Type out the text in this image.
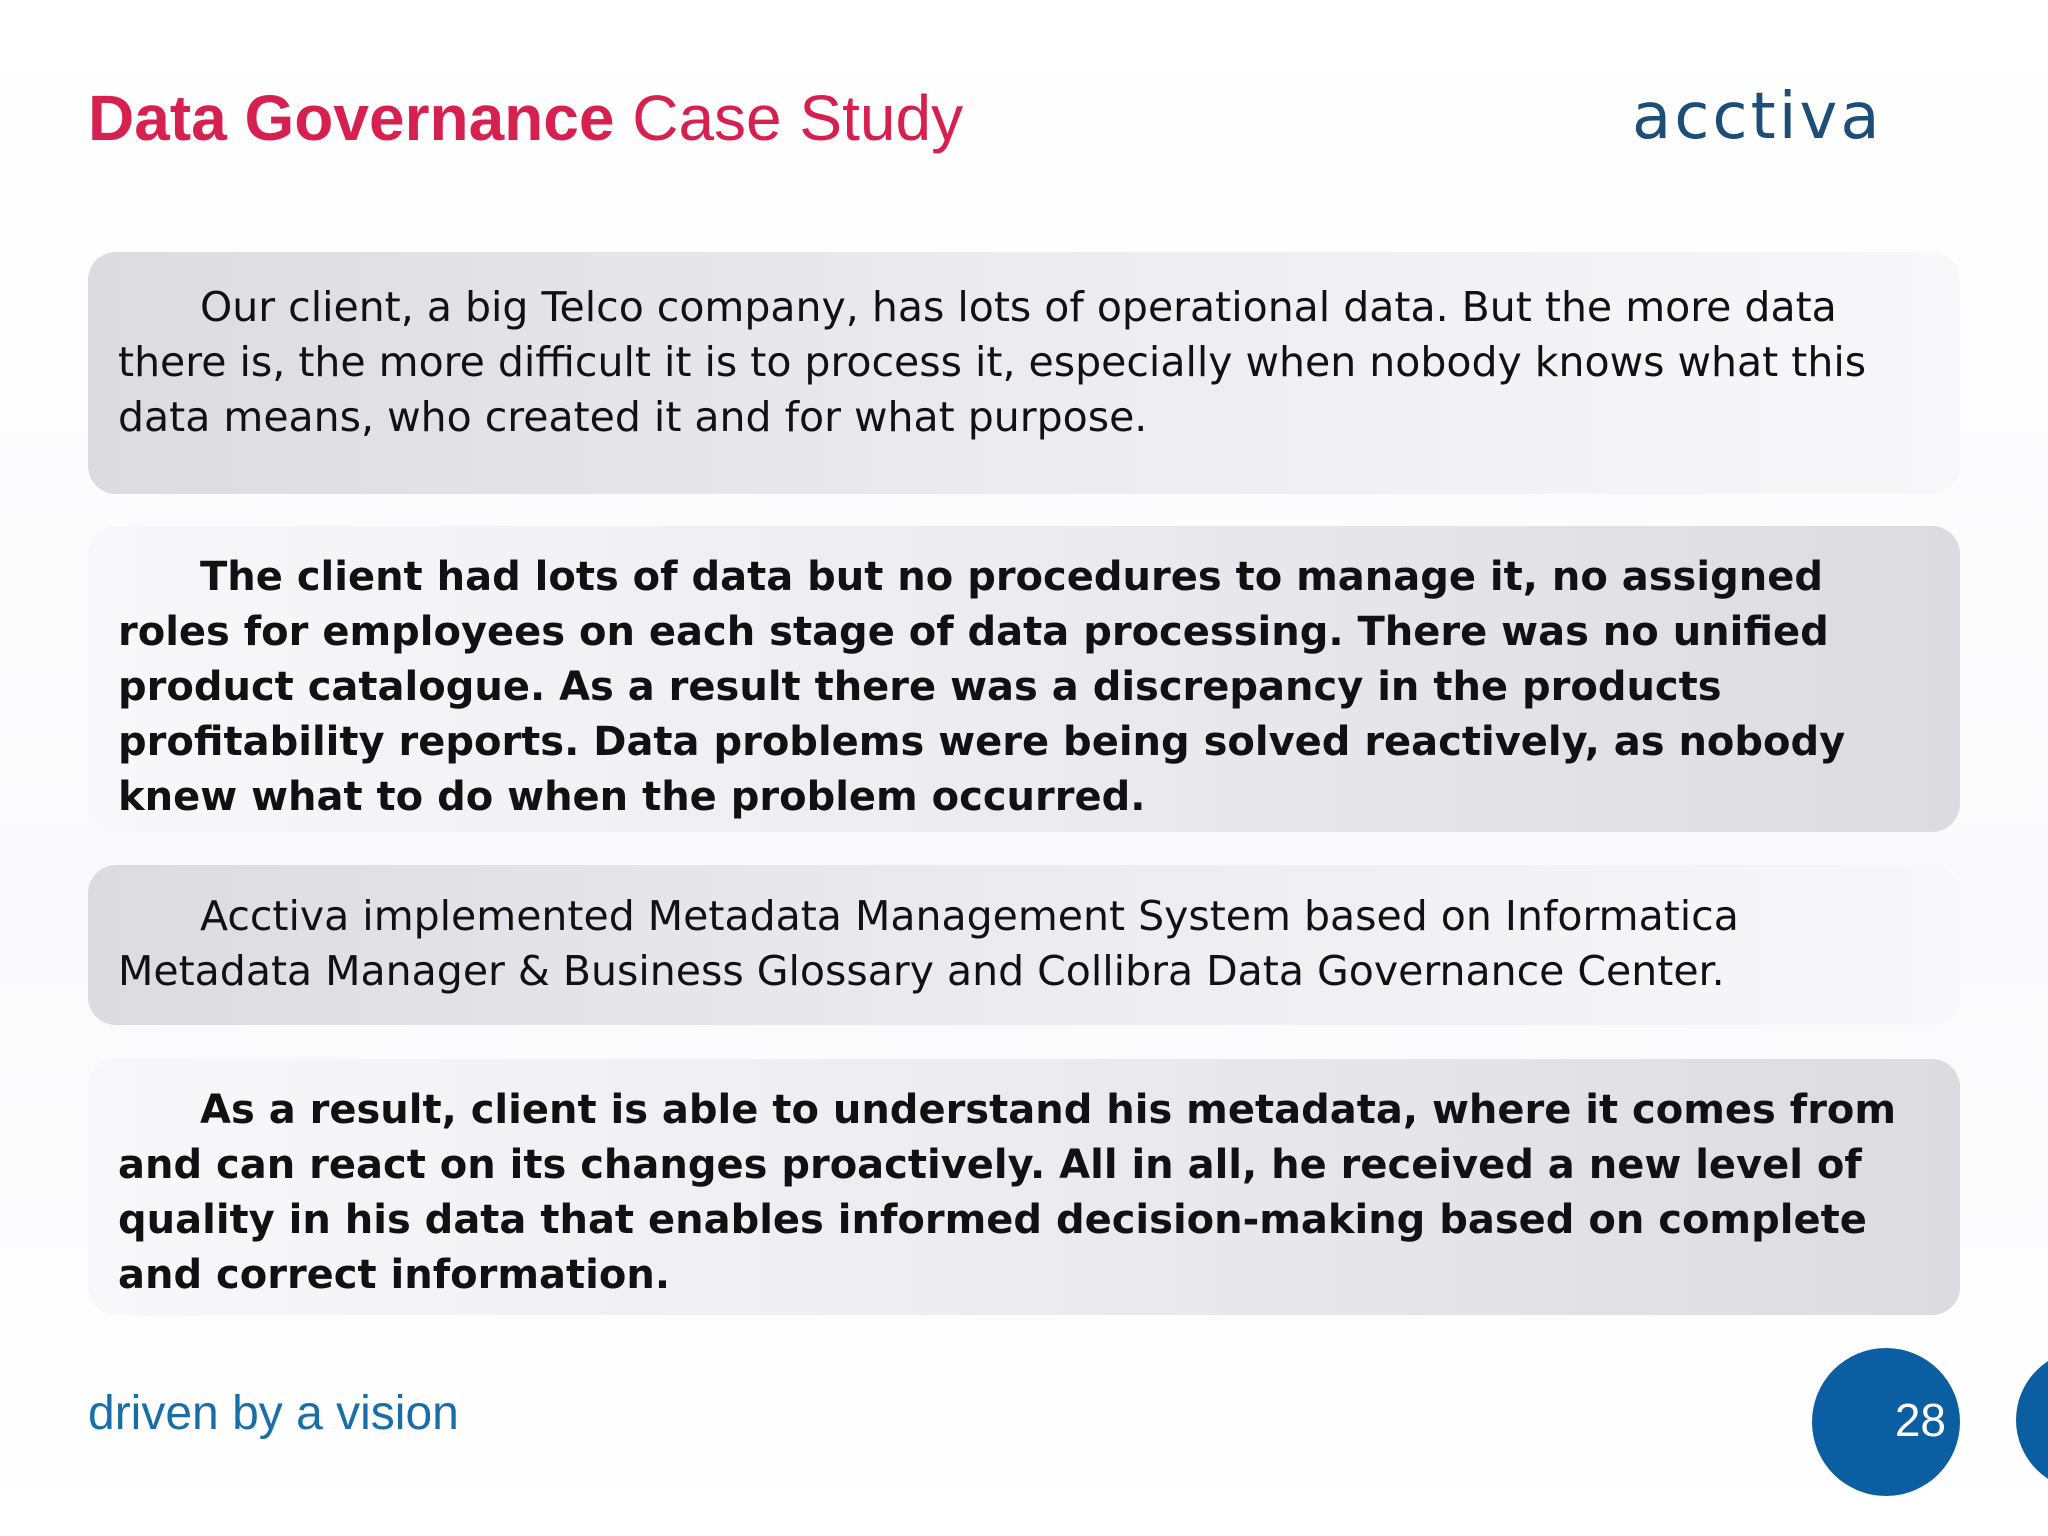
Data Governance Case Study	acctiva

Our client, a big Telco company, has lots of operational data. But the more data there is, the more difficult it is to process it, especially when nobody knows what this data means, who created it and for what purpose.

The client had lots of data but no procedures to manage it, no assigned roles for employees on each stage of data processing. There was no unified product catalogue. As a result there was a discrepancy in the products profitability reports. Data problems were being solved reactively, as nobody knew what to do when the problem occurred.

Acctiva implemented Metadata Management System based on Informatica Metadata Manager & Business Glossary and Collibra Data Governance Center.

As a result, client is able to understand his metadata, where it comes from and can react on its changes proactively. All in all, he received a new level of quality in his data that enables informed decision-making based on complete and correct information.

driven by a vision	28
